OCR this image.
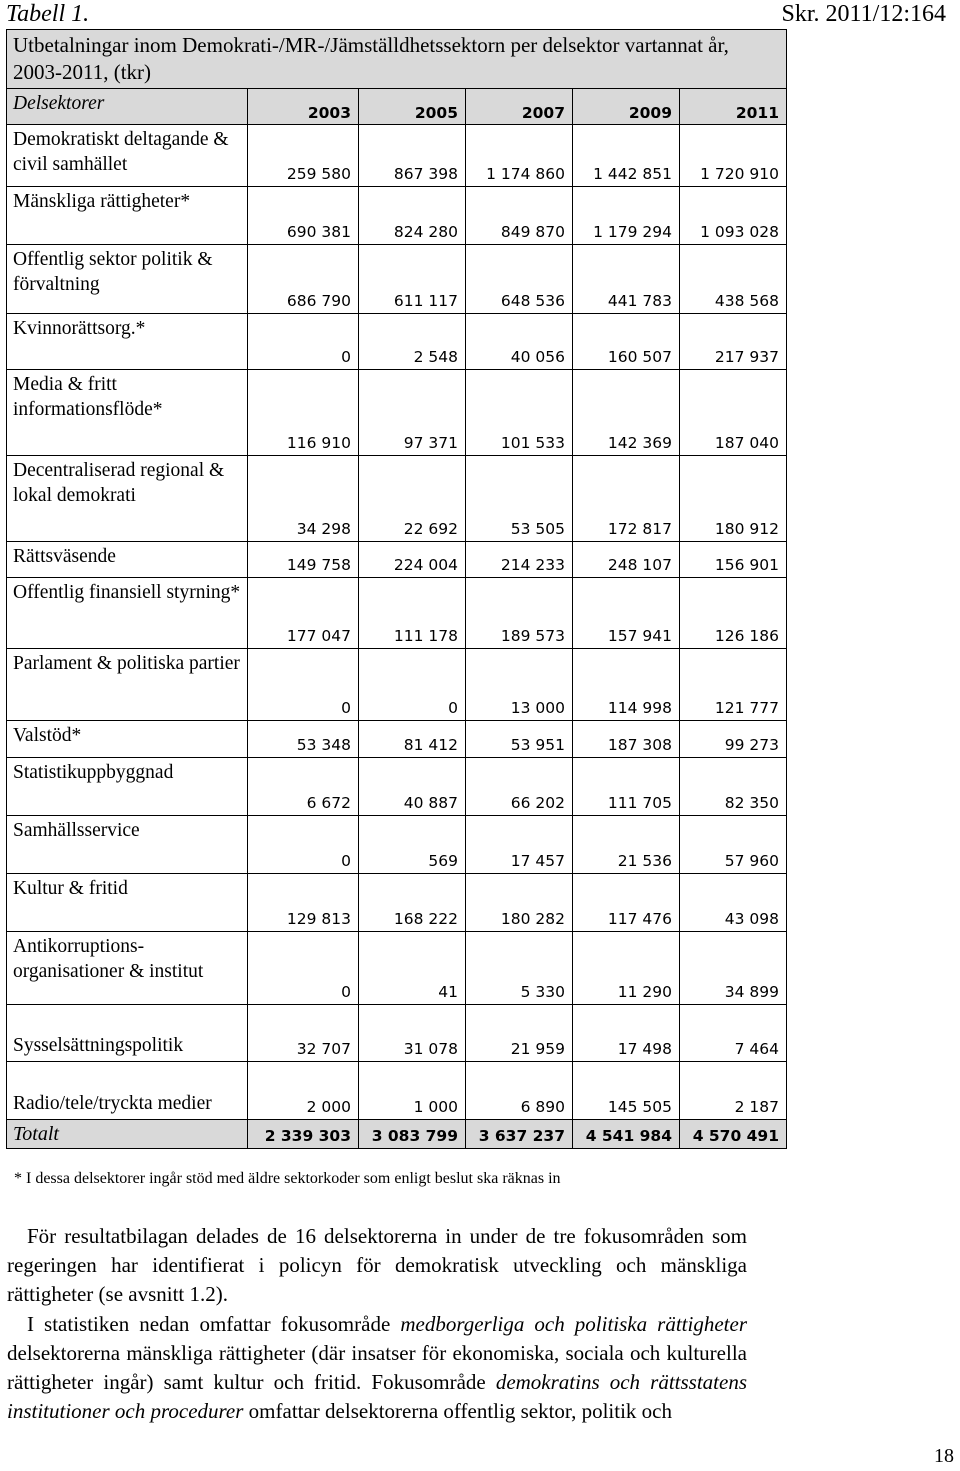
Tabell 1.	Skr. 2011/12:164
Utbetalningar inom Demokrati-/MR-/Jämställdhetssektorn per delsektor vartannat år, 2003-2011, (tkr)					
Delsektorer	2003	2005	2007	2009	2011
Demokratiskt deltagande & civil samhället	259 580	867 398	1 174 860	1 442 851	1 720 910
Mänskliga rättigheter*	690 381	824 280	849 870	1 179 294	1 093 028
Offentlig sektor politik & förvaltning	686 790	611 117	648 536	441 783	438 568
Kvinnorättsorg.*	0	2 548	40 056	160 507	217 937
Media & fritt informationsflöde*	116 910	97 371	101 533	142 369	187 040
Decentraliserad regional & lokal demokrati	34 298	22 692	53 505	172 817	180 912
Rättsväsende	149 758	224 004	214 233	248 107	156 901
Offentlig finansiell styrning*	177 047	111 178	189 573	157 941	126 186
Parlament & politiska partier	0	0	13 000	114 998	121 777
Valstöd*	53 348	81 412	53 951	187 308	99 273
Statistikuppbyggnad	6 672	40 887	66 202	111 705	82 350
Samhällsservice	0	569	17 457	21 536	57 960
Kultur & fritid	129 813	168 222	180 282	117 476	43 098
Antikorruptions-organisationer & institut	0	41	5 330	11 290	34 899
Sysselsättningspolitik	32 707	31 078	21 959	17 498	7 464
Radio/tele/tryckta medier	2 000	1 000	6 890	145 505	2 187
Totalt	2 339 303	3 083 799	3 637 237	4 541 984	4 570 491
* I dessa delsektorer ingår stöd med äldre sektorkoder som enligt beslut ska räknas in

För resultatbilagan delades de 16 delsektorerna in under de tre fokusområden som regeringen har identifierat i policyn för demokratisk utveckling och mänskliga rättigheter (se avsnitt 1.2).

I statistiken nedan omfattar fokusområde medborgerliga och politiska rättigheter delsektorerna mänskliga rättigheter (där insatser för ekonomiska, sociala och kulturella rättigheter ingår) samt kultur och fritid. Fokusområde demokratins och rättsstatens institutioner och procedurer omfattar delsektorerna offentlig sektor, politik och

18
